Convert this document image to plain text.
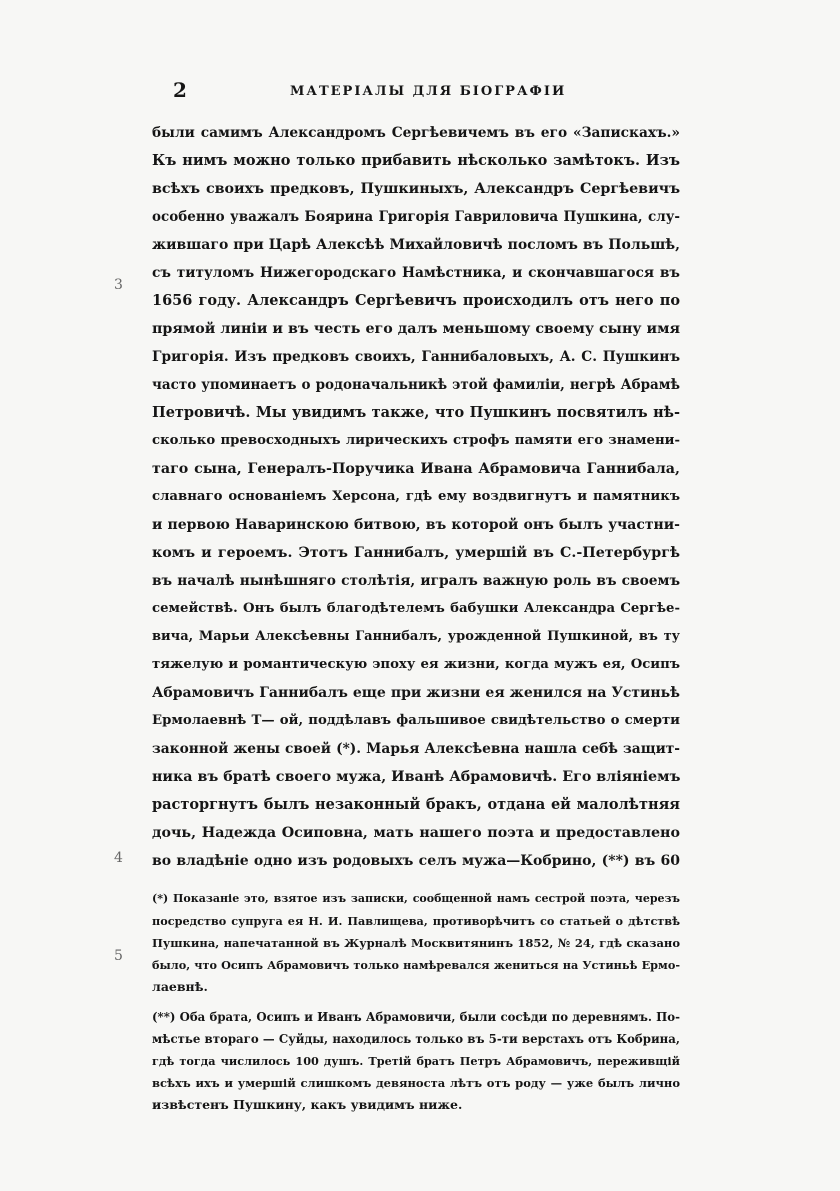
2	МАТЕРІАЛЫ ДЛЯ БІОГРАФІИ
3
4
5
были самимъ Александромъ Сергѣевичемъ въ его «Запискахъ.»
Къ нимъ можно только прибавить нѣсколько замѣтокъ. Изъ
всѣхъ своихъ предковъ, Пушкиныхъ, Александръ Сергѣевичъ
особенно уважалъ Боярина Григорія Гавриловича Пушкина, слу-
жившаго при Царѣ Алексѣѣ Михайловичѣ посломъ въ Польшѣ,
съ титуломъ Нижегородскаго Намѣстника, и скончавшагося въ
1656 году. Александръ Сергѣевичъ происходилъ отъ него по
прямой линіи и въ честь его далъ меньшому своему сыну имя
Григорія. Изъ предковъ своихъ, Ганнибаловыхъ, А. С. Пушкинъ
часто упоминаетъ о родоначальникѣ этой фамиліи, негрѣ Абрамѣ
Петровичѣ. Мы увидимъ также, что Пушкинъ посвятилъ нѣ-
сколько превосходныхъ лирическихъ строфъ памяти его знамени-
таго сына, Генералъ-Поручика Ивана Абрамовича Ганнибала,
славнаго основаніемъ Херсона, гдѣ ему воздвигнутъ и памятникъ
и первою Наваринскою битвою, въ которой онъ былъ участни-
комъ и героемъ. Этотъ Ганнибалъ, умершій въ С.-Петербургѣ
въ началѣ нынѣшняго столѣтія, игралъ важную роль въ своемъ
семействѣ. Онъ былъ благодѣтелемъ бабушки Александра Сергѣе-
вича, Марьи Алексѣевны Ганнибалъ, урожденной Пушкиной, въ ту
тяжелую и романтическую эпоху ея жизни, когда мужъ ея, Осипъ
Абрамовичъ Ганнибалъ еще при жизни ея женился на Устиньѣ
Ермолаевнѣ Т— ой, поддѣлавъ фальшивое свидѣтельство о смерти
законной жены своей (*). Марья Алексѣевна нашла себѣ защит-
ника въ братѣ своего мужа, Иванѣ Абрамовичѣ. Его вліяніемъ
расторгнутъ былъ незаконный бракъ, отдана ей малолѣтняя
дочь, Надежда Осиповна, мать нашего поэта и предоставлено
во владѣніе одно изъ родовыхъ селъ мужа—Кобрино, (**) въ 60
(*) Показаніе это, взятое изъ записки, сообщенной намъ сестрой поэта, черезъ
посредство супруга ея Н. И. Павлищева, противорѣчитъ со статьей о дѣтствѣ
Пушкина, напечатанной въ Журналѣ Москвитянинъ 1852, № 24, гдѣ сказано
было, что Осипъ Абрамовичъ только намѣревался жениться на Устиньѣ Ермо-
лаевнѣ.
(**) Оба брата, Осипъ и Иванъ Абрамовичи, были сосѣди по деревнямъ. По-
мѣстье втораго — Суйды, находилось только въ 5-ти верстахъ отъ Кобрина,
гдѣ тогда числилось 100 душъ. Третій братъ Петръ Абрамовичъ, переживщій
всѣхъ ихъ и умершій слишкомъ девяноста лѣтъ отъ роду — уже былъ лично
извѣстенъ Пушкину, какъ увидимъ ниже.
